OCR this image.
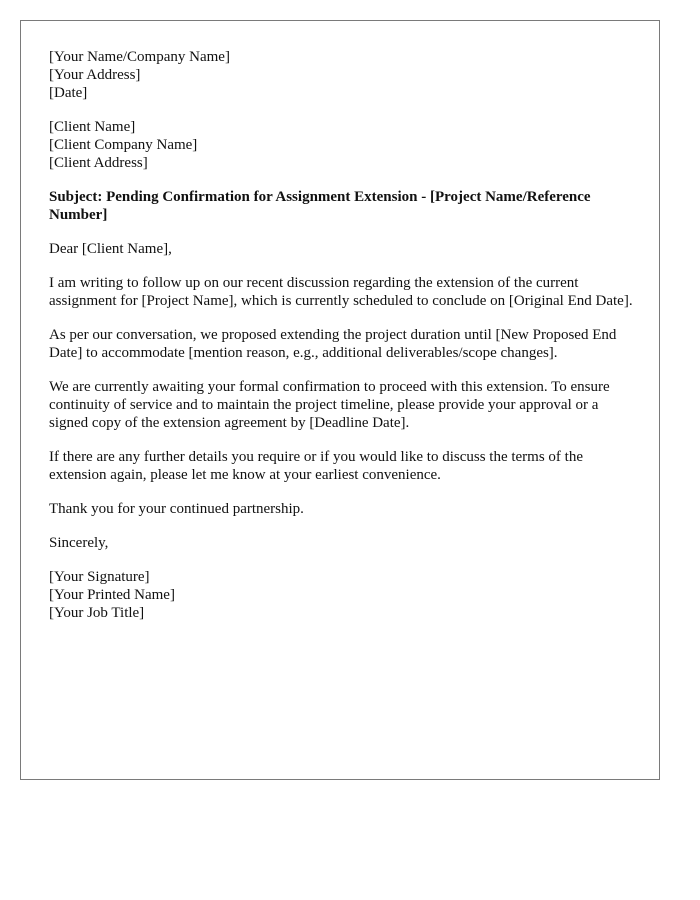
[Your Name/Company Name]
[Your Address]
[Date]
[Client Name]
[Client Company Name]
[Client Address]

Subject: Pending Confirmation for Assignment Extension - [Project Name/Reference Number]

Dear [Client Name],

I am writing to follow up on our recent discussion regarding the extension of the current assignment for [Project Name], which is currently scheduled to conclude on [Original End Date].

As per our conversation, we proposed extending the project duration until [New Proposed End Date] to accommodate [mention reason, e.g., additional deliverables/scope changes].

We are currently awaiting your formal confirmation to proceed with this extension. To ensure continuity of service and to maintain the project timeline, please provide your approval or a signed copy of the extension agreement by [Deadline Date].

If there are any further details you require or if you would like to discuss the terms of the extension again, please let me know at your earliest convenience.

Thank you for your continued partnership.

Sincerely,

[Your Signature]
[Your Printed Name]
[Your Job Title]
